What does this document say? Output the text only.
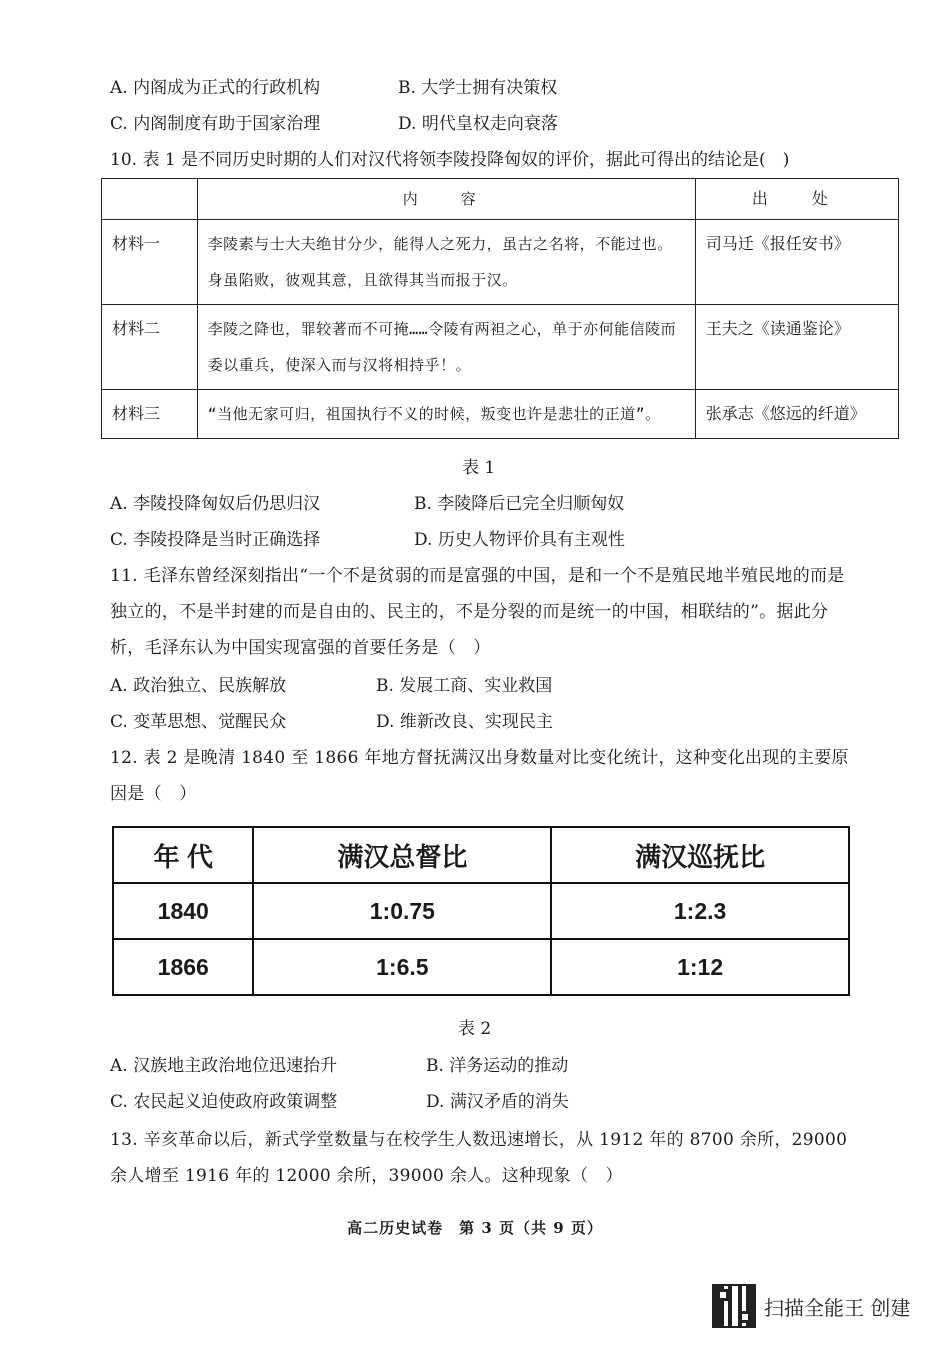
A. 内阁成为正式的行政机构	B. 大学士拥有决策权
C. 内阁制度有助于国家治理	D. 明代皇权走向衰落
10. 表 1 是不同历史时期的人们对汉代将领李陵投降匈奴的评价，据此可得出的结论是(　)
	内　容	出　处
材料一	李陵素与士大夫绝甘分少，能得人之死力，虽古之名将，不能过也。身虽陷败，彼观其意，且欲得其当而报于汉。	司马迁《报任安书》
材料二	李陵之降也，罪较著而不可掩……令陵有两袒之心，单于亦何能信陵而委以重兵，使深入而与汉将相持乎！。	王夫之《读通鉴论》
材料三	“当他无家可归，祖国执行不义的时候，叛变也许是悲壮的正道”。	张承志《悠远的纤道》
表 1
A. 李陵投降匈奴后仍思归汉	B. 李陵降后已完全归顺匈奴
C. 李陵投降是当时正确选择	D. 历史人物评价具有主观性
11. 毛泽东曾经深刻指出“一个不是贫弱的而是富强的中国，是和一个不是殖民地半殖民地的而是独立的，不是半封建的而是自由的、民主的，不是分裂的而是统一的中国，相联结的”。据此分析，毛泽东认为中国实现富强的首要任务是（　）
A. 政治独立、民族解放	B. 发展工商、实业救国
C. 变革思想、觉醒民众	D. 维新改良、实现民主
12. 表 2 是晚清 1840 至 1866 年地方督抚满汉出身数量对比变化统计，这种变化出现的主要原因是（　）
年 代	满汉总督比	满汉巡抚比
1840	1:0.75	1:2.3
1866	1:6.5	1:12
表 2
A. 汉族地主政治地位迅速抬升	B. 洋务运动的推动
C. 农民起义迫使政府政策调整	D. 满汉矛盾的消失
13. 辛亥革命以后，新式学堂数量与在校学生人数迅速增长，从 1912 年的 8700 余所，29000 余人增至 1916 年的 12000 余所，39000 余人。这种现象（　）
高二历史试卷　第 3 页（共 9 页）
扫描全能王 创建
